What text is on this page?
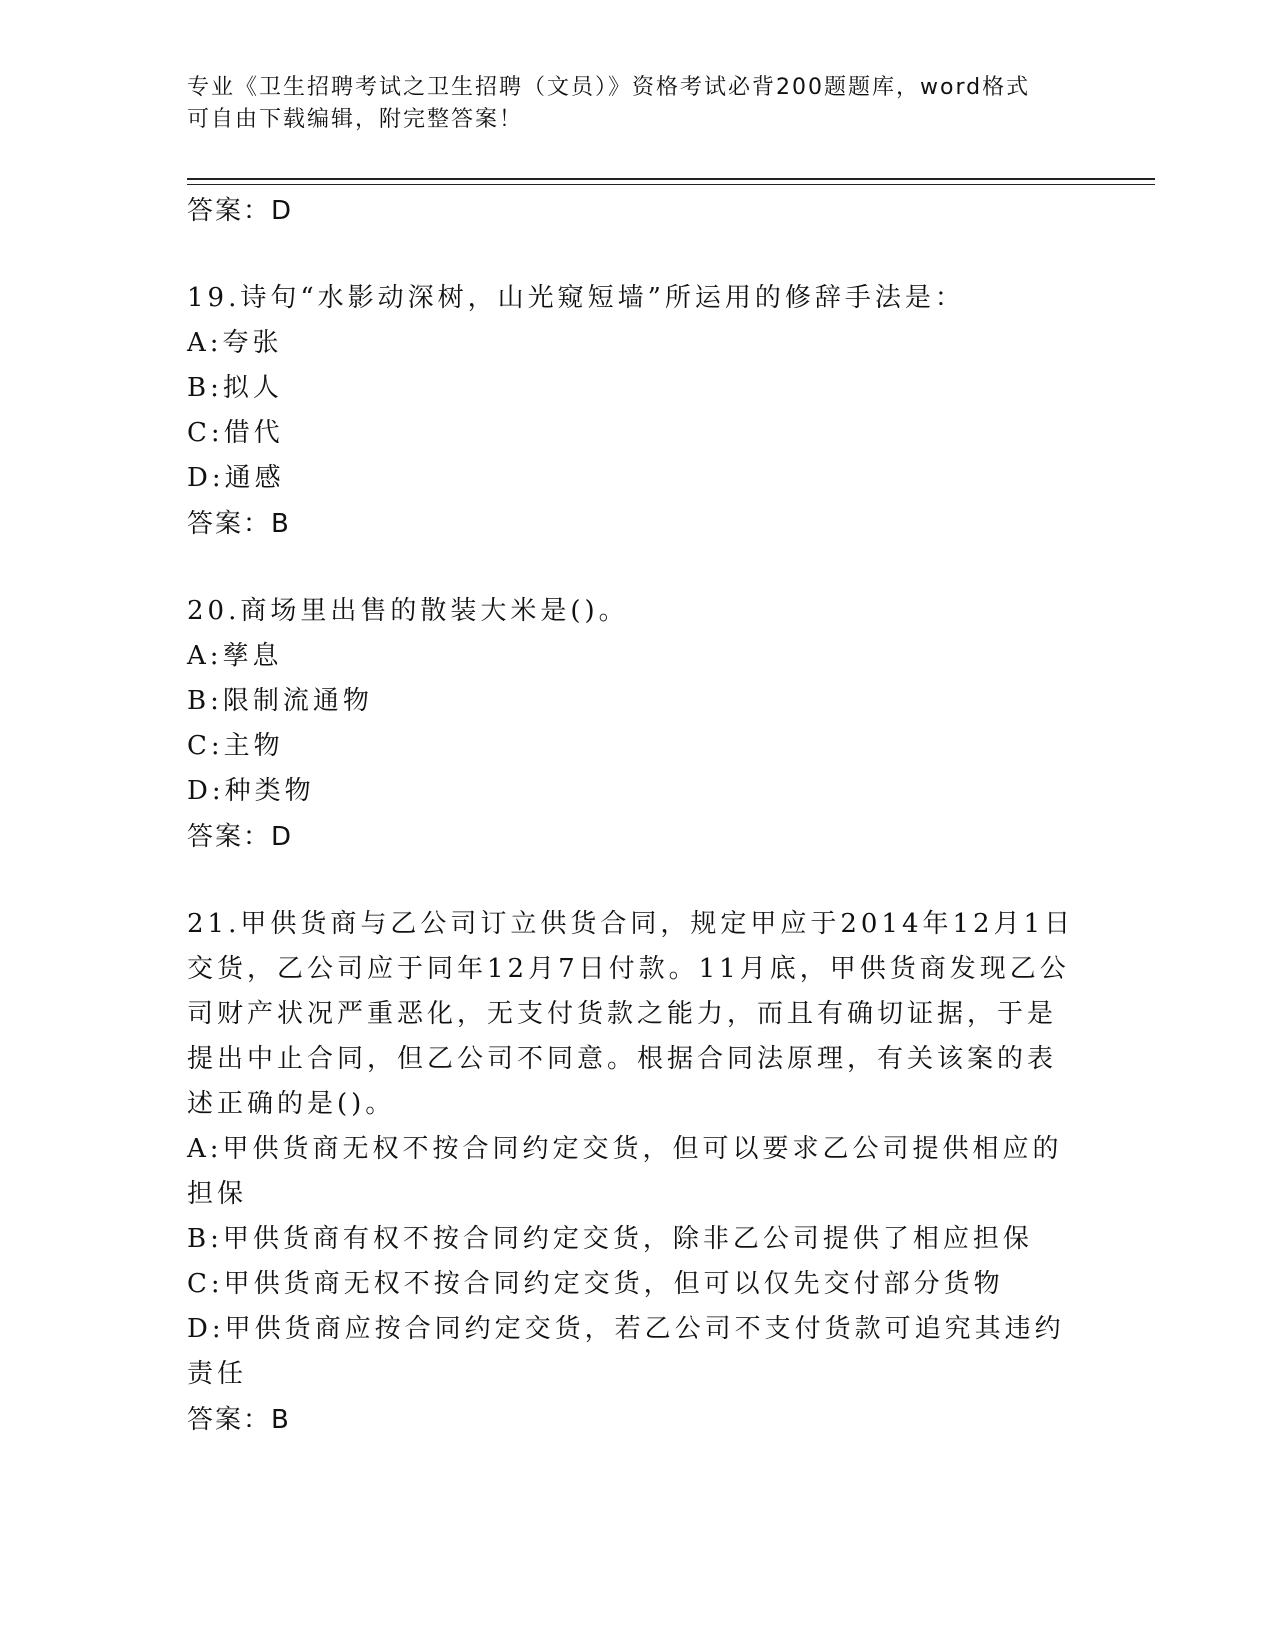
专业《卫生招聘考试之卫生招聘（文员）》资格考试必背200题题库，word格式
可自由下载编辑，附完整答案！

答案：D

19.诗句“水影动深树，山光窥短墙”所运用的修辞手法是：

A:夸张

B:拟人

C:借代

D:通感

答案：B

20.商场里出售的散装大米是()。

A:孳息

B:限制流通物

C:主物

D:种类物

答案：D

21.甲供货商与乙公司订立供货合同，规定甲应于2014年12月1日交货，乙公司应于同年12月7日付款。11月底，甲供货商发现乙公司财产状况严重恶化，无支付货款之能力，而且有确切证据，于是提出中止合同，但乙公司不同意。根据合同法原理，有关该案的表述正确的是()。

A:甲供货商无权不按合同约定交货，但可以要求乙公司提供相应的担保

B:甲供货商有权不按合同约定交货，除非乙公司提供了相应担保

C:甲供货商无权不按合同约定交货，但可以仅先交付部分货物

D:甲供货商应按合同约定交货，若乙公司不支付货款可追究其违约责任

答案：B
